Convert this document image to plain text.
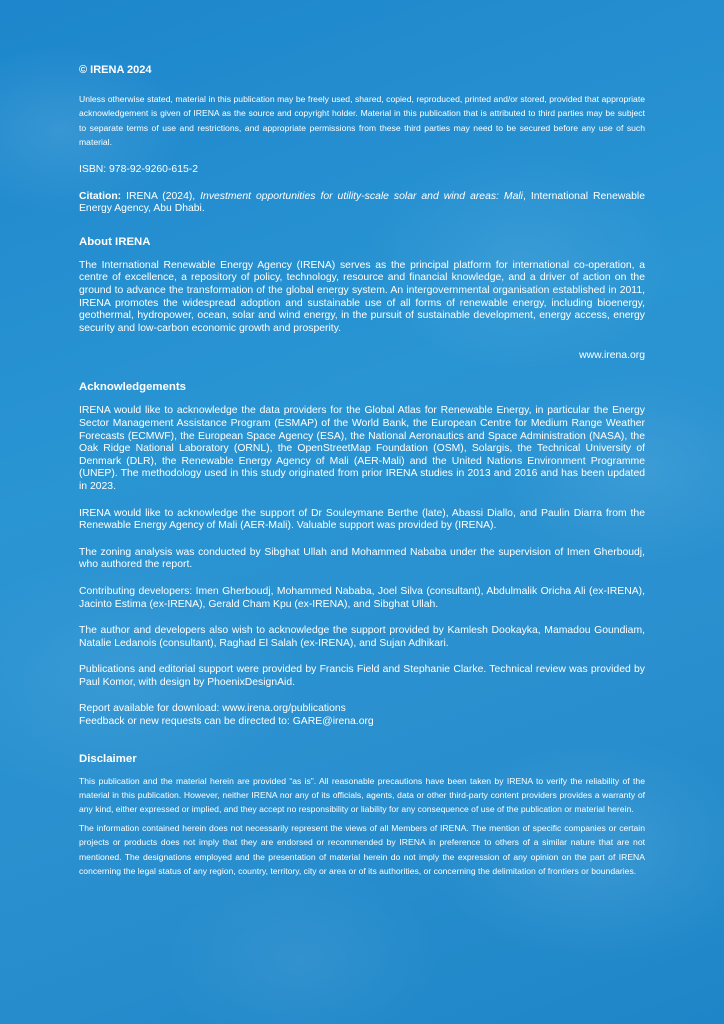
© IRENA 2024

Unless otherwise stated, material in this publication may be freely used, shared, copied, reproduced, printed and/or stored, provided that appropriate acknowledgement is given of IRENA as the source and copyright holder. Material in this publication that is attributed to third parties may be subject to separate terms of use and restrictions, and appropriate permissions from these third parties may need to be secured before any use of such material.

ISBN: 978-92-9260-615-2

Citation: IRENA (2024), Investment opportunities for utility-scale solar and wind areas: Mali, International Renewable Energy Agency, Abu Dhabi.

About IRENA

The International Renewable Energy Agency (IRENA) serves as the principal platform for international co-operation, a centre of excellence, a repository of policy, technology, resource and financial knowledge, and a driver of action on the ground to advance the transformation of the global energy system. An intergovernmental organisation established in 2011, IRENA promotes the widespread adoption and sustainable use of all forms of renewable energy, including bioenergy, geothermal, hydropower, ocean, solar and wind energy, in the pursuit of sustainable development, energy access, energy security and low-carbon economic growth and prosperity.

www.irena.org

Acknowledgements

IRENA would like to acknowledge the data providers for the Global Atlas for Renewable Energy, in particular the Energy Sector Management Assistance Program (ESMAP) of the World Bank, the European Centre for Medium Range Weather Forecasts (ECMWF), the European Space Agency (ESA), the National Aeronautics and Space Administration (NASA), the Oak Ridge National Laboratory (ORNL), the OpenStreetMap Foundation (OSM), Solargis, the Technical University of Denmark (DLR), the Renewable Energy Agency of Mali (AER-Mali) and the United Nations Environment Programme (UNEP). The methodology used in this study originated from prior IRENA studies in 2013 and 2016 and has been updated in 2023.

IRENA would like to acknowledge the support of Dr Souleymane Berthe (late), Abassi Diallo, and Paulin Diarra from the Renewable Energy Agency of Mali (AER-Mali). Valuable support was provided by (IRENA).

The zoning analysis was conducted by Sibghat Ullah and Mohammed Nababa under the supervision of Imen Gherboudj, who authored the report.

Contributing developers: Imen Gherboudj, Mohammed Nababa, Joel Silva (consultant), Abdulmalik Oricha Ali (ex-IRENA), Jacinto Estima (ex-IRENA), Gerald Cham Kpu (ex-IRENA), and Sibghat Ullah.

The author and developers also wish to acknowledge the support provided by Kamlesh Dookayka, Mamadou Goundiam, Natalie Ledanois (consultant), Raghad El Salah (ex-IRENA), and Sujan Adhikari.

Publications and editorial support were provided by Francis Field and Stephanie Clarke. Technical review was provided by Paul Komor, with design by PhoenixDesignAid.

Report available for download: www.irena.org/publications

Feedback or new requests can be directed to: GARE@irena.org

Disclaimer

This publication and the material herein are provided “as is”. All reasonable precautions have been taken by IRENA to verify the reliability of the material in this publication. However, neither IRENA nor any of its officials, agents, data or other third-party content providers provides a warranty of any kind, either expressed or implied, and they accept no responsibility or liability for any consequence of use of the publication or material herein.

The information contained herein does not necessarily represent the views of all Members of IRENA. The mention of specific companies or certain projects or products does not imply that they are endorsed or recommended by IRENA in preference to others of a similar nature that are not mentioned. The designations employed and the presentation of material herein do not imply the expression of any opinion on the part of IRENA concerning the legal status of any region, country, territory, city or area or of its authorities, or concerning the delimitation of frontiers or boundaries.
